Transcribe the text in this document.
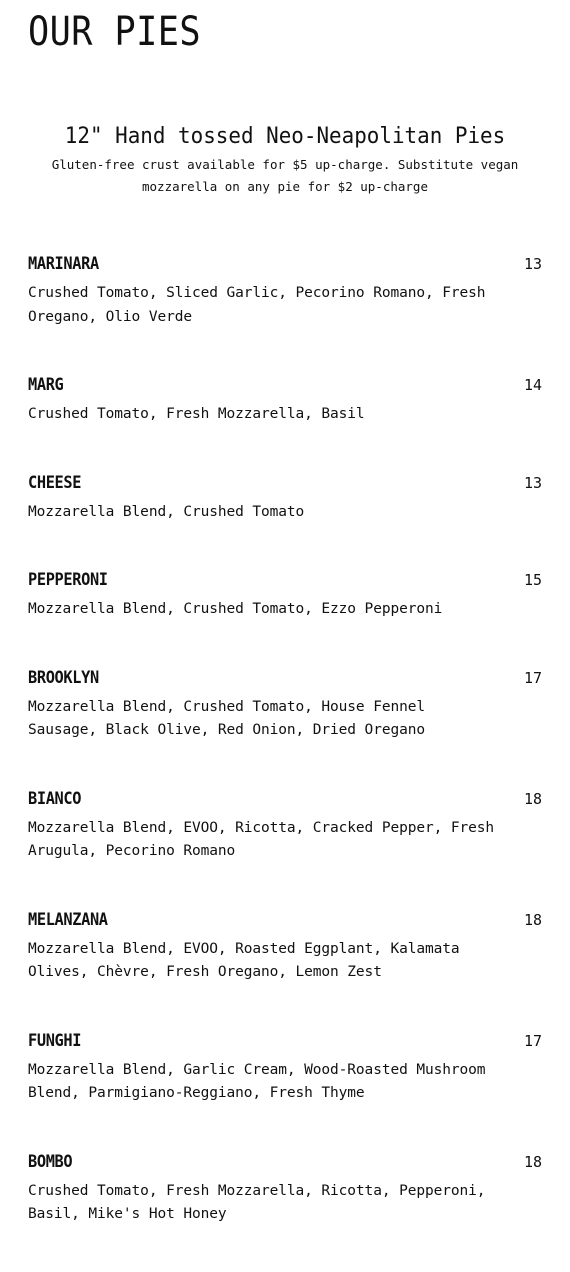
OUR PIES
12" Hand tossed Neo-Neapolitan Pies

Gluten-free crust available for $5 up-charge. Substitute vegan mozzarella on any pie for $2 up-charge

MARINARA	13
Crushed Tomato, Sliced Garlic, Pecorino Romano, Fresh Oregano, Olio Verde
MARG	14
Crushed Tomato, Fresh Mozzarella, Basil
CHEESE	13
Mozzarella Blend, Crushed Tomato
PEPPERONI	15
Mozzarella Blend, Crushed Tomato, Ezzo Pepperoni
BROOKLYN	17
Mozzarella Blend, Crushed Tomato, House Fennel Sausage, Black Olive, Red Onion, Dried Oregano
BIANCO	18
Mozzarella Blend, EVOO, Ricotta, Cracked Pepper, Fresh Arugula, Pecorino Romano
MELANZANA	18
Mozzarella Blend, EVOO, Roasted Eggplant, Kalamata Olives, Chèvre, Fresh Oregano, Lemon Zest
FUNGHI	17
Mozzarella Blend, Garlic Cream, Wood-Roasted Mushroom Blend, Parmigiano-Reggiano, Fresh Thyme
BOMBO	18
Crushed Tomato, Fresh Mozzarella, Ricotta, Pepperoni, Basil, Mike's Hot Honey
